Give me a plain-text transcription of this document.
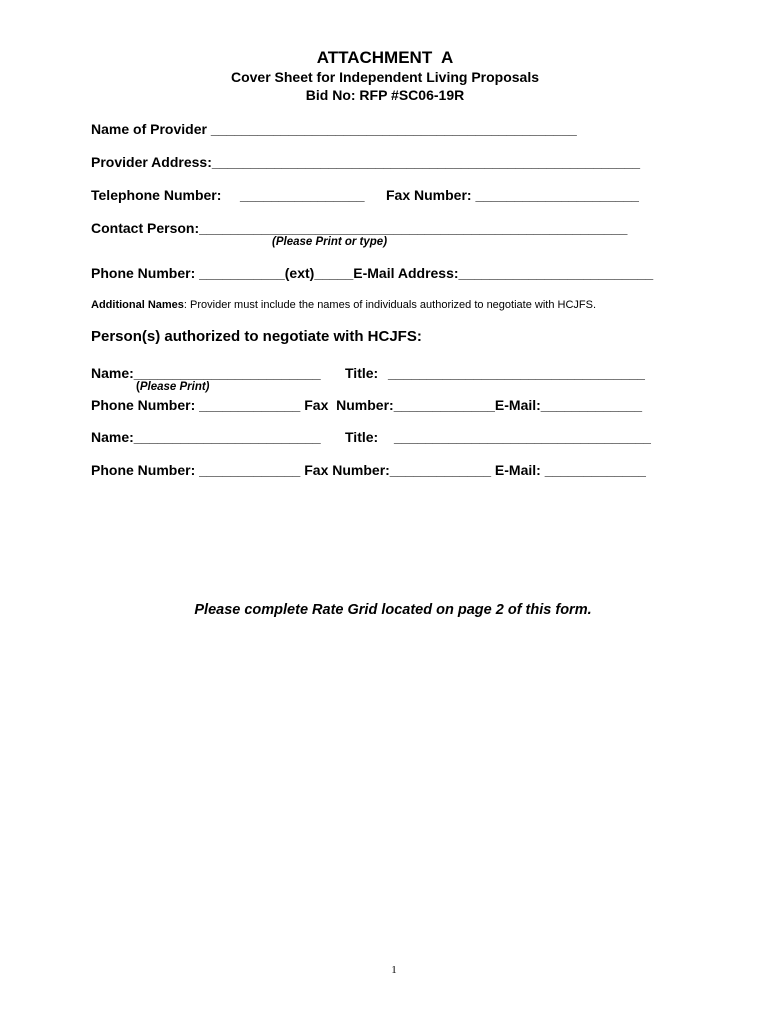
ATTACHMENT  A
Cover Sheet for Independent Living Proposals
Bid No: RFP #SC06-19R
Name of Provider _______________________________________________
Provider Address:_______________________________________________________
Telephone Number: ________________ Fax Number: _____________________
Contact Person:_______________________________________________________
(Please Print or type)
Phone Number: ___________(ext)_____E-Mail Address:_________________________
Additional Names: Provider must include the names of individuals authorized to negotiate with HCJFS.
Person(s) authorized to negotiate with HCJFS:
Name:________________________ Title: _________________________________
(Please Print)
Phone Number: _____________ Fax  Number:_____________E-Mail:_____________
Name:________________________ Title: _________________________________
Phone Number: _____________ Fax Number:_____________ E-Mail: _____________
Please complete Rate Grid located on page 2 of this form.
1
